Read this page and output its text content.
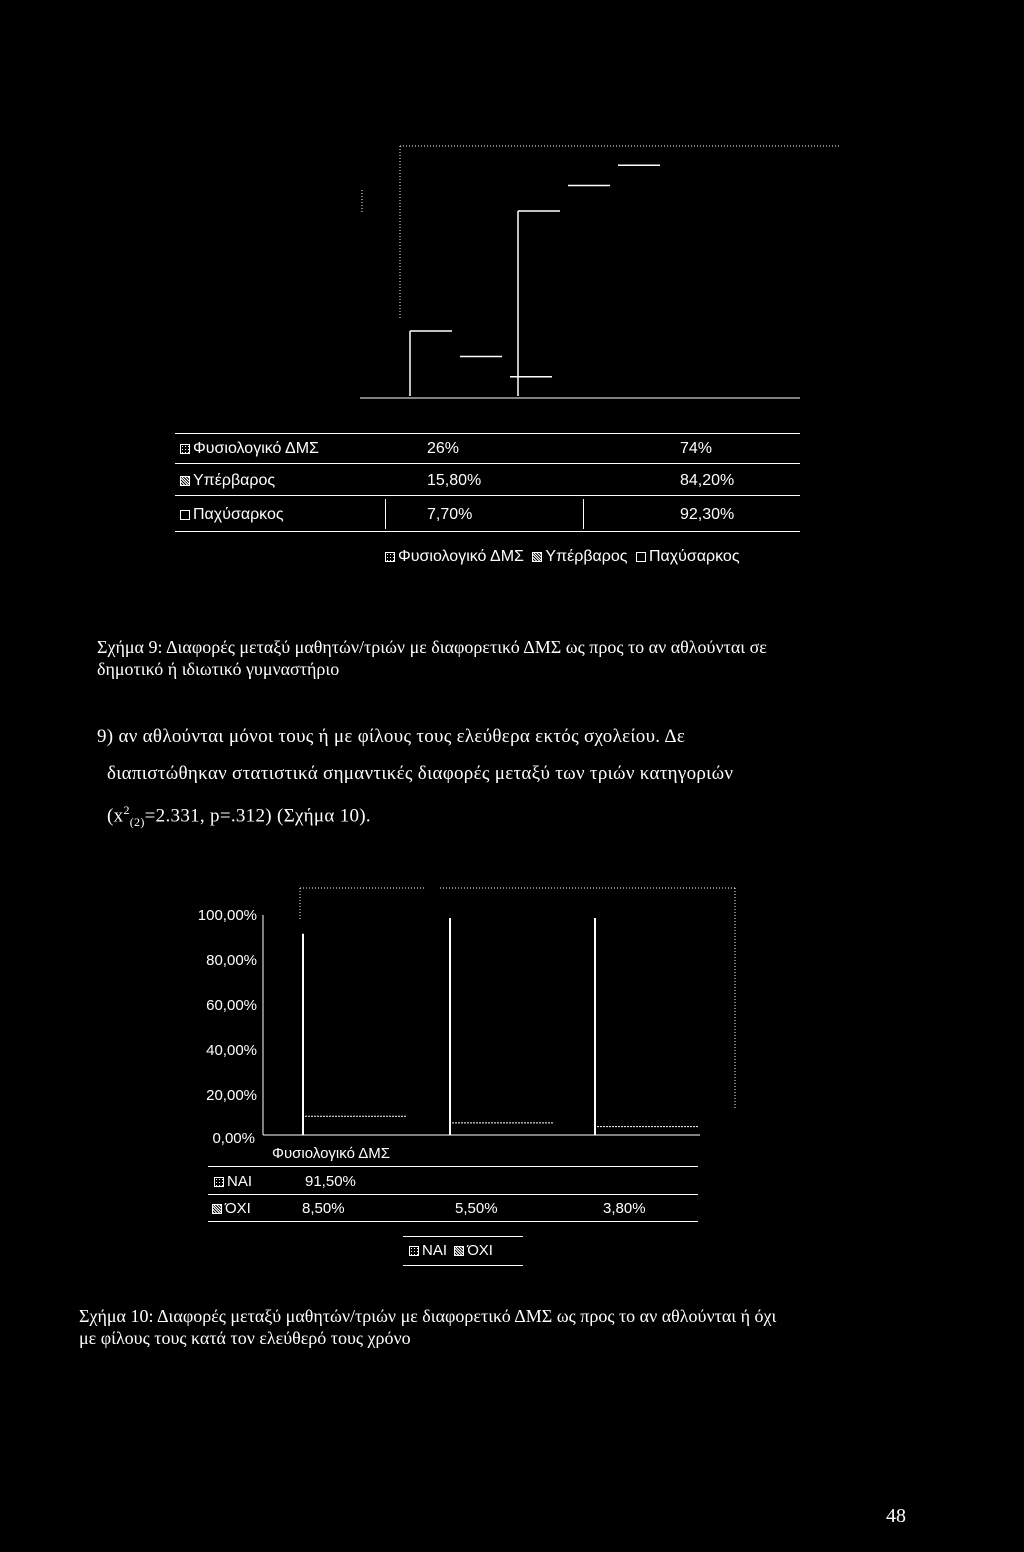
Φυσιολογικό ΔΜΣ	26%	74%
Υπέρβαρος	15,80%	84,20%
Παχύσαρκος	7,70%	92,30%
Φυσιολογικό ΔΜΣ Υπέρβαρος Παχύσαρκος
Σχήμα 9: Διαφορές μεταξύ μαθητών/τριών με διαφορετικό ΔΜΣ ως προς το αν αθλούνται σε
δημοτικό ή ιδιωτικό γυμναστήριο
9) αν αθλούνται μόνοι τους ή με φίλους τους ελεύθερα εκτός σχολείου. Δε
διαπιστώθηκαν στατιστικά σημαντικές διαφορές μεταξύ των τριών κατηγοριών
($x^2_{(2)}=2.331$, p=.312) (Σχήμα 10).
100,00%
80,00%
60,00%
40,00%
20,00%
0,00%
Φυσιολογικό ΔΜΣ
ΝΑΙ	91,50%
ΌΧΙ	8,50%	5,50%	3,80%
ΝΑΙ ΌΧΙ
Σχήμα 10: Διαφορές μεταξύ μαθητών/τριών με διαφορετικό ΔΜΣ ως προς το αν αθλούνται ή όχι
με φίλους τους κατά τον ελεύθερό τους χρόνο
48
